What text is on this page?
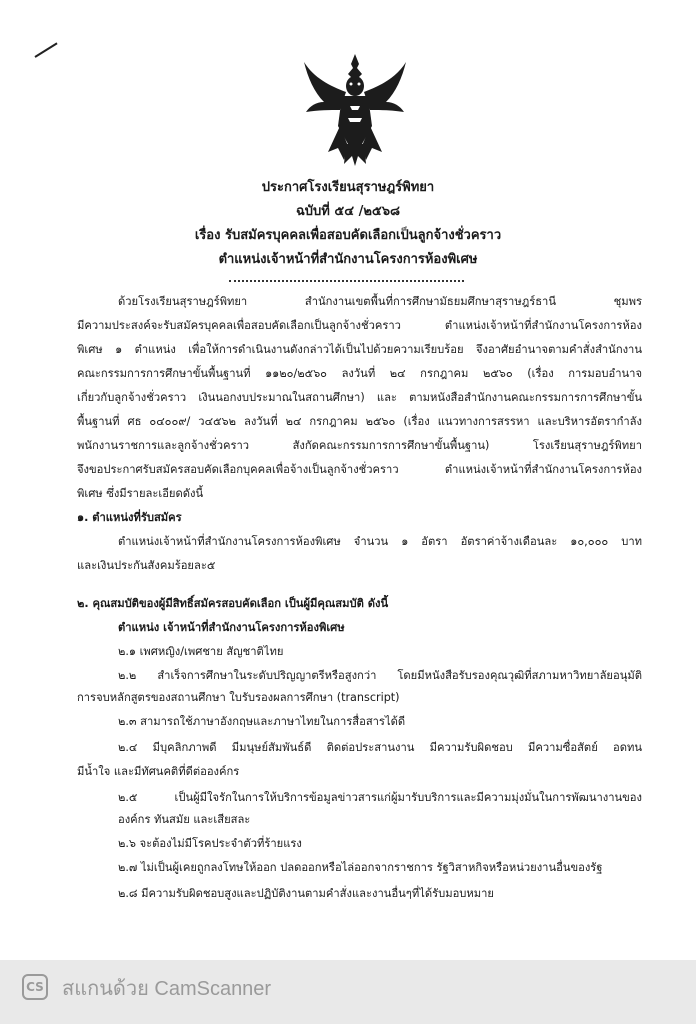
ประกาศโรงเรียนสุราษฎร์พิทยา
ฉบับที่ ๕๔ /๒๕๖๘
เรื่อง รับสมัครบุคคลเพื่อสอบคัดเลือกเป็นลูกจ้างชั่วคราว
ตำแหน่งเจ้าหน้าที่สำนักงานโครงการห้องพิเศษ
ด้วยโรงเรียนสุราษฎร์พิทยา สำนักงานเขตพื้นที่การศึกษามัธยมศึกษาสุราษฎร์ธานี ชุมพร
มีความประสงค์จะรับสมัครบุคคลเพื่อสอบคัดเลือกเป็นลูกจ้างชั่วคราว ตำแหน่งเจ้าหน้าที่สำนักงานโครงการห้อง
พิเศษ ๑ ตำแหน่ง เพื่อให้การดำเนินงานดังกล่าวได้เป็นไปด้วยความเรียบร้อย จึงอาศัยอำนาจตามคำสั่งสำนักงาน
คณะกรรมการการศึกษาขั้นพื้นฐานที่ ๑๑๒๐/๒๕๖๐ ลงวันที่ ๒๔ กรกฎาคม ๒๕๖๐ (เรื่อง การมอบอำนาจ
เกี่ยวกับลูกจ้างชั่วคราว เงินนอกงบประมาณในสถานศึกษา) และ ตามหนังสือสำนักงานคณะกรรมการการศึกษาขั้น
พื้นฐานที่ ศธ ๐๔๐๐๙/ ว๔๕๖๒ ลงวันที่ ๒๔ กรกฎาคม ๒๕๖๐ (เรื่อง แนวทางการสรรหา และบริหารอัตรากำลัง
พนักงานราชการและลูกจ้างชั่วคราว สังกัดคณะกรรมการการศึกษาขั้นพื้นฐาน) โรงเรียนสุราษฎร์พิทยา
จึงขอประกาศรับสมัครสอบคัดเลือกบุคคลเพื่อจ้างเป็นลูกจ้างชั่วคราว ตำแหน่งเจ้าหน้าที่สำนักงานโครงการห้อง
พิเศษ ซึ่งมีรายละเอียดดังนี้
๑. ตำแหน่งที่รับสมัคร
ตำแหน่งเจ้าหน้าที่สำนักงานโครงการห้องพิเศษ จำนวน ๑ อัตรา อัตราค่าจ้างเดือนละ ๑๐,๐๐๐ บาท
และเงินประกันสังคมร้อยละ๕
๒. คุณสมบัติของผู้มีสิทธิ์สมัครสอบคัดเลือก เป็นผู้มีคุณสมบัติ ดังนี้
ตำแหน่ง เจ้าหน้าที่สำนักงานโครงการห้องพิเศษ
๒.๑ เพศหญิง/เพศชาย สัญชาติไทย
๒.๒ สำเร็จการศึกษาในระดับปริญญาตรีหรือสูงกว่า โดยมีหนังสือรับรองคุณวุฒิที่สภามหาวิทยาลัยอนุมัติ
การจบหลักสูตรของสถานศึกษา ใบรับรองผลการศึกษา (transcript)
๒.๓ สามารถใช้ภาษาอังกฤษและภาษาไทยในการสื่อสารได้ดี
๒.๔ มีบุคลิกภาพดี มีมนุษย์สัมพันธ์ดี ติดต่อประสานงาน มีความรับผิดชอบ มีความซื่อสัตย์ อดทน
มีน้ำใจ และมีทัศนคติที่ดีต่อองค์กร
๒.๕ เป็นผู้มีใจรักในการให้บริการข้อมูลข่าวสารแก่ผู้มารับบริการและมีความมุ่งมั่นในการพัฒนางานของ
องค์กร ทันสมัย และเสียสละ
๒.๖ จะต้องไม่มีโรคประจำตัวที่ร้ายแรง
๒.๗ ไม่เป็นผู้เคยถูกลงโทษให้ออก ปลดออกหรือไล่ออกจากราชการ รัฐวิสาหกิจหรือหน่วยงานอื่นของรัฐ
๒.๘ มีความรับผิดชอบสูงและปฏิบัติงานตามคำสั่งและงานอื่นๆที่ได้รับมอบหมาย
CS สแกนด้วย CamScanner
